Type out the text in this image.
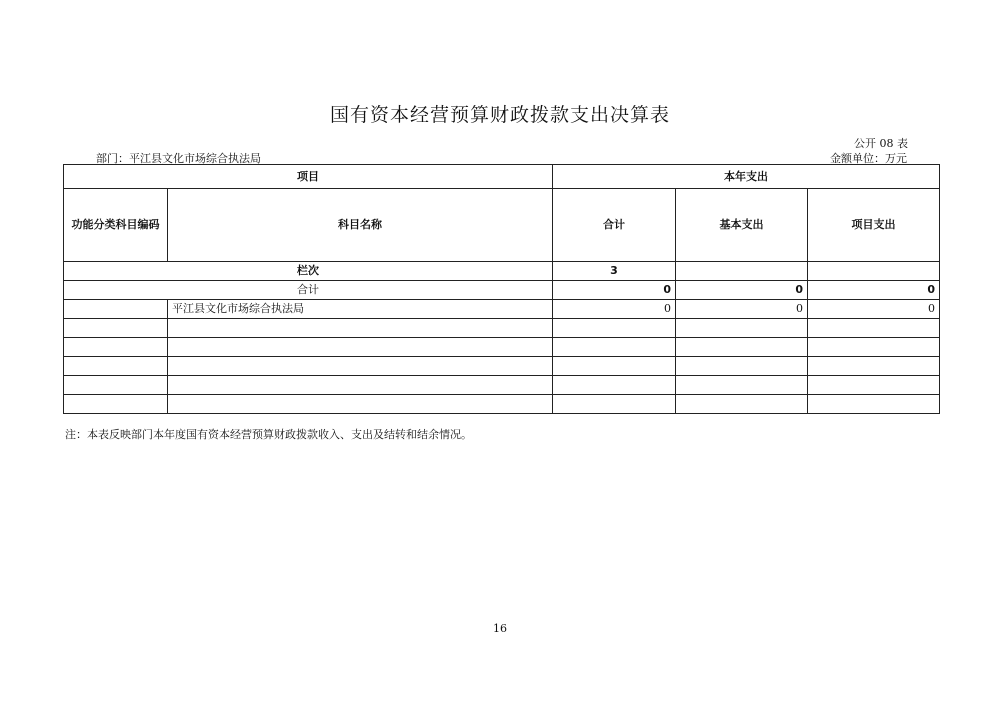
国有资本经营预算财政拨款支出决算表
公开 08 表
部门：平江县文化市场综合执法局	金额单位：万元
项目		本年支出		
功能分类科目编码	科目名称	合计	基本支出	项目支出
栏次		3		
合计		0	0	0
	平江县文化市场综合执法局	0	0	0

注：本表反映部门本年度国有资本经营预算财政拨款收入、支出及结转和结余情况。
16
